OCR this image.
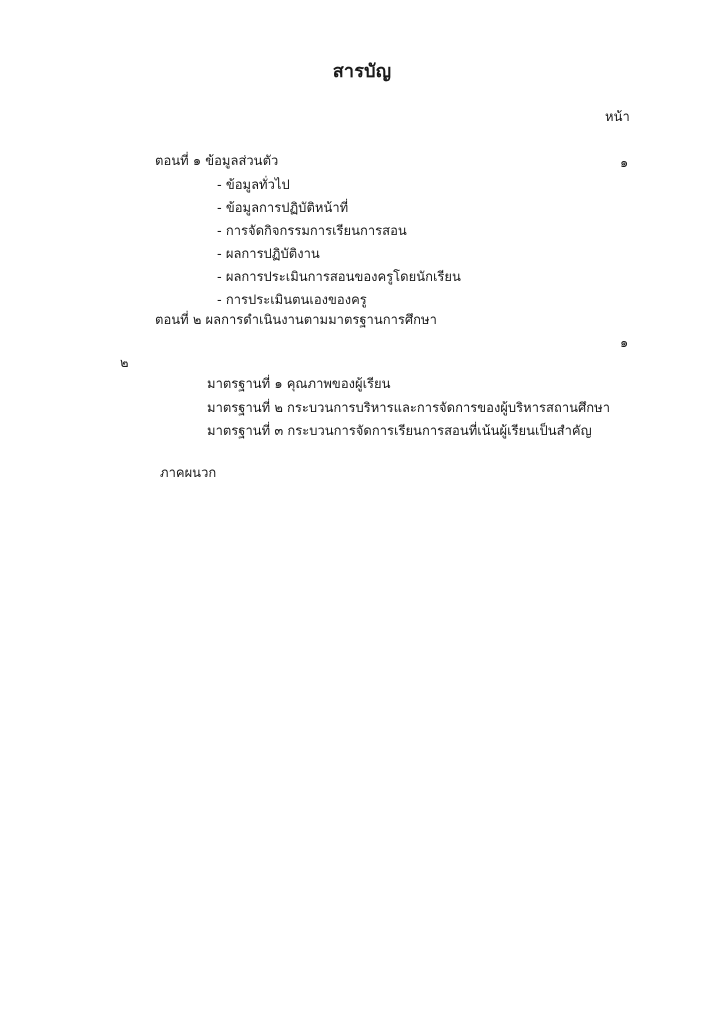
สารบัญ
หน้า
ตอนที่ ๑ ข้อมูลส่วนตัว	๑
- ข้อมูลทั่วไป
- ข้อมูลการปฏิบัติหน้าที่
- การจัดกิจกรรมการเรียนการสอน
- ผลการปฏิบัติงาน
- ผลการประเมินการสอนของครูโดยนักเรียน
- การประเมินตนเองของครู
ตอนที่ ๒ ผลการดำเนินงานตามมาตรฐานการศึกษา
๑
๒
มาตรฐานที่ ๑ คุณภาพของผู้เรียน
มาตรฐานที่ ๒ กระบวนการบริหารและการจัดการของผู้บริหารสถานศึกษา
มาตรฐานที่ ๓ กระบวนการจัดการเรียนการสอนที่เน้นผู้เรียนเป็นสำคัญ
ภาคผนวก
